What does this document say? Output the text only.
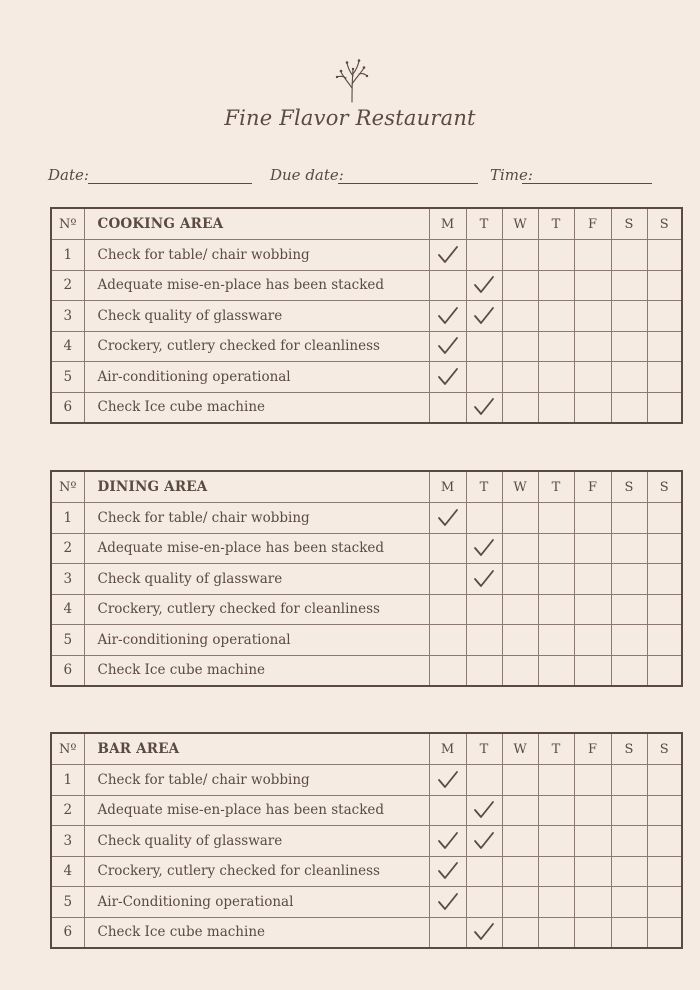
Fine Flavor Restaurant
Date:	Due date:	Time:
Nº	COOKING AREA	M	T	W	T	F	S	S
1	Check for table/ chair wobbing							
2	Adequate mise-en-place has been stacked							
3	Check quality of glassware							
4	Crockery, cutlery checked for cleanliness							
5	Air-conditioning operational							
6	Check Ice cube machine							
Nº	DINING AREA	M	T	W	T	F	S	S
1	Check for table/ chair wobbing							
2	Adequate mise-en-place has been stacked							
3	Check quality of glassware							
4	Crockery, cutlery checked for cleanliness							
5	Air-conditioning operational							
6	Check Ice cube machine							
Nº	BAR AREA	M	T	W	T	F	S	S
1	Check for table/ chair wobbing							
2	Adequate mise-en-place has been stacked							
3	Check quality of glassware							
4	Crockery, cutlery checked for cleanliness							
5	Air-Conditioning operational							
6	Check Ice cube machine							
